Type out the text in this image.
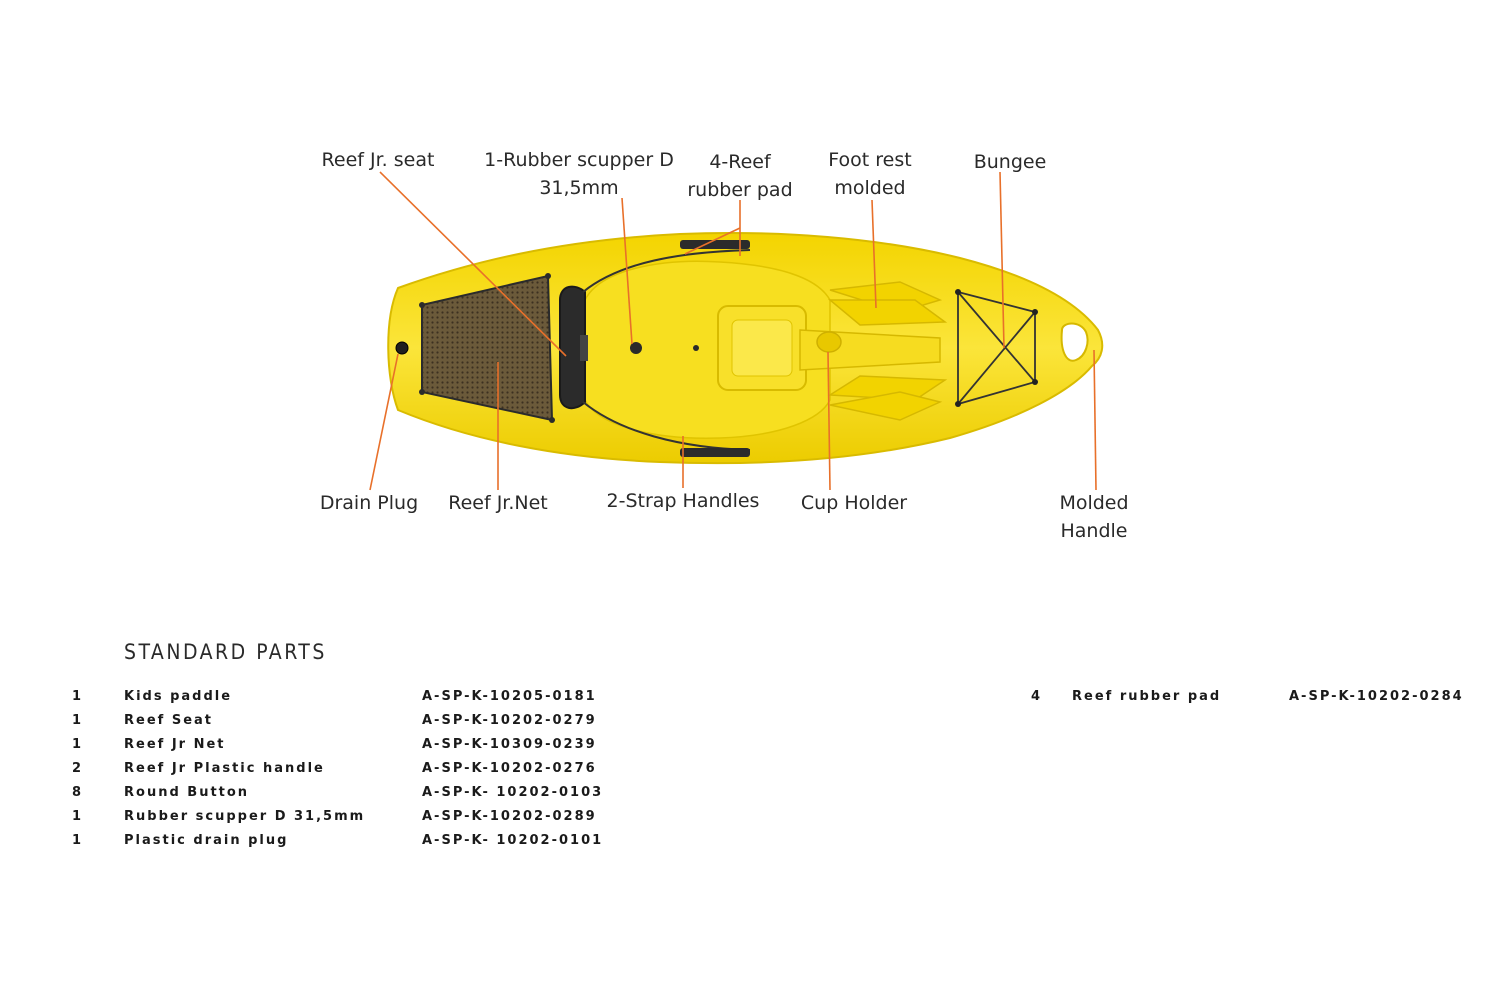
Reef Jr. seat	1-Rubber scupper D
31,5mm
4-Reef
rubber pad
Foot rest
molded
Bungee
Drain Plug Reef Jr.Net	2-Strap Handles Cup Holder	Molded
Handle
STANDARD PARTS
1	Kids paddle	A-SP-K-10205-0181
1	Reef Seat	A-SP-K-10202-0279
1	Reef Jr Net	A-SP-K-10309-0239
2	Reef Jr Plastic handle	A-SP-K-10202-0276
8	Round Button	A-SP-K- 10202-0103
1	Rubber scupper D 31,5mm	A-SP-K-10202-0289
1	Plastic drain plug	A-SP-K- 10202-0101
4 Reef rubber pad	A-SP-K-10202-0284
